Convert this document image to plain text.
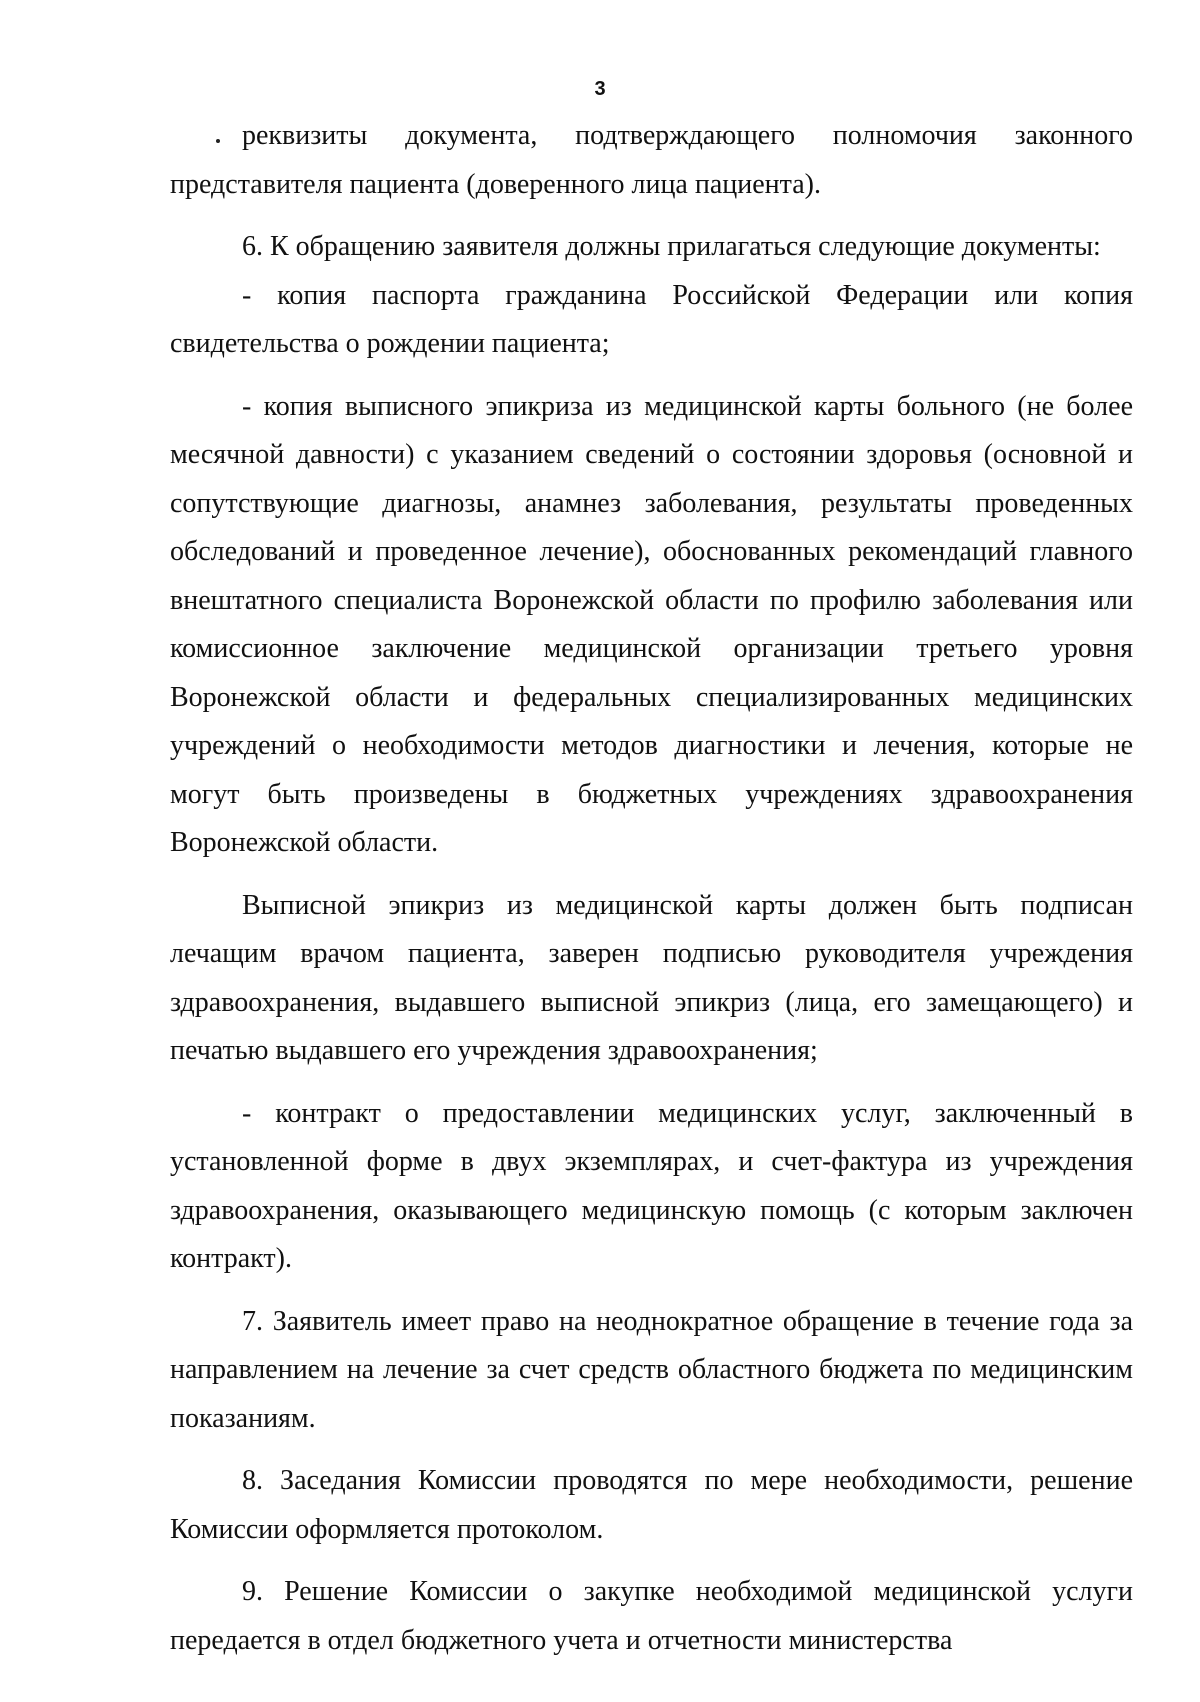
3

реквизиты документа, подтверждающего полномочия законного представителя пациента (доверенного лица пациента).

6. К обращению заявителя должны прилагаться следующие документы:

- копия паспорта гражданина Российской Федерации или копия свидетельства о рождении пациента;

- копия выписного эпикриза из медицинской карты больного (не более месячной давности) с указанием сведений о состоянии здоровья (основной и сопутствующие диагнозы, анамнез заболевания, результаты проведенных обследований и проведенное лечение), обоснованных рекомендаций главного внештатного специалиста Воронежской области по профилю заболевания или комиссионное заключение медицинской организации третьего уровня Воронежской области и федеральных специализированных медицинских учреждений о необходимости методов диагностики и лечения, которые не могут быть произведены в бюджетных учреждениях здравоохранения Воронежской области.

Выписной эпикриз из медицинской карты должен быть подписан лечащим врачом пациента, заверен подписью руководителя учреждения здравоохранения, выдавшего выписной эпикриз (лица, его замещающего) и печатью выдавшего его учреждения здравоохранения;

- контракт о предоставлении медицинских услуг, заключенный в установленной форме в двух экземплярах, и счет-фактура из учреждения здравоохранения, оказывающего медицинскую помощь (с которым заключен контракт).

7. Заявитель имеет право на неоднократное обращение в течение года за направлением на лечение за счет средств областного бюджета по медицинским показаниям.

8. Заседания Комиссии проводятся по мере необходимости, решение Комиссии оформляется протоколом.

9. Решение Комиссии о закупке необходимой медицинской услуги передается в отдел бюджетного учета и отчетности министерства
